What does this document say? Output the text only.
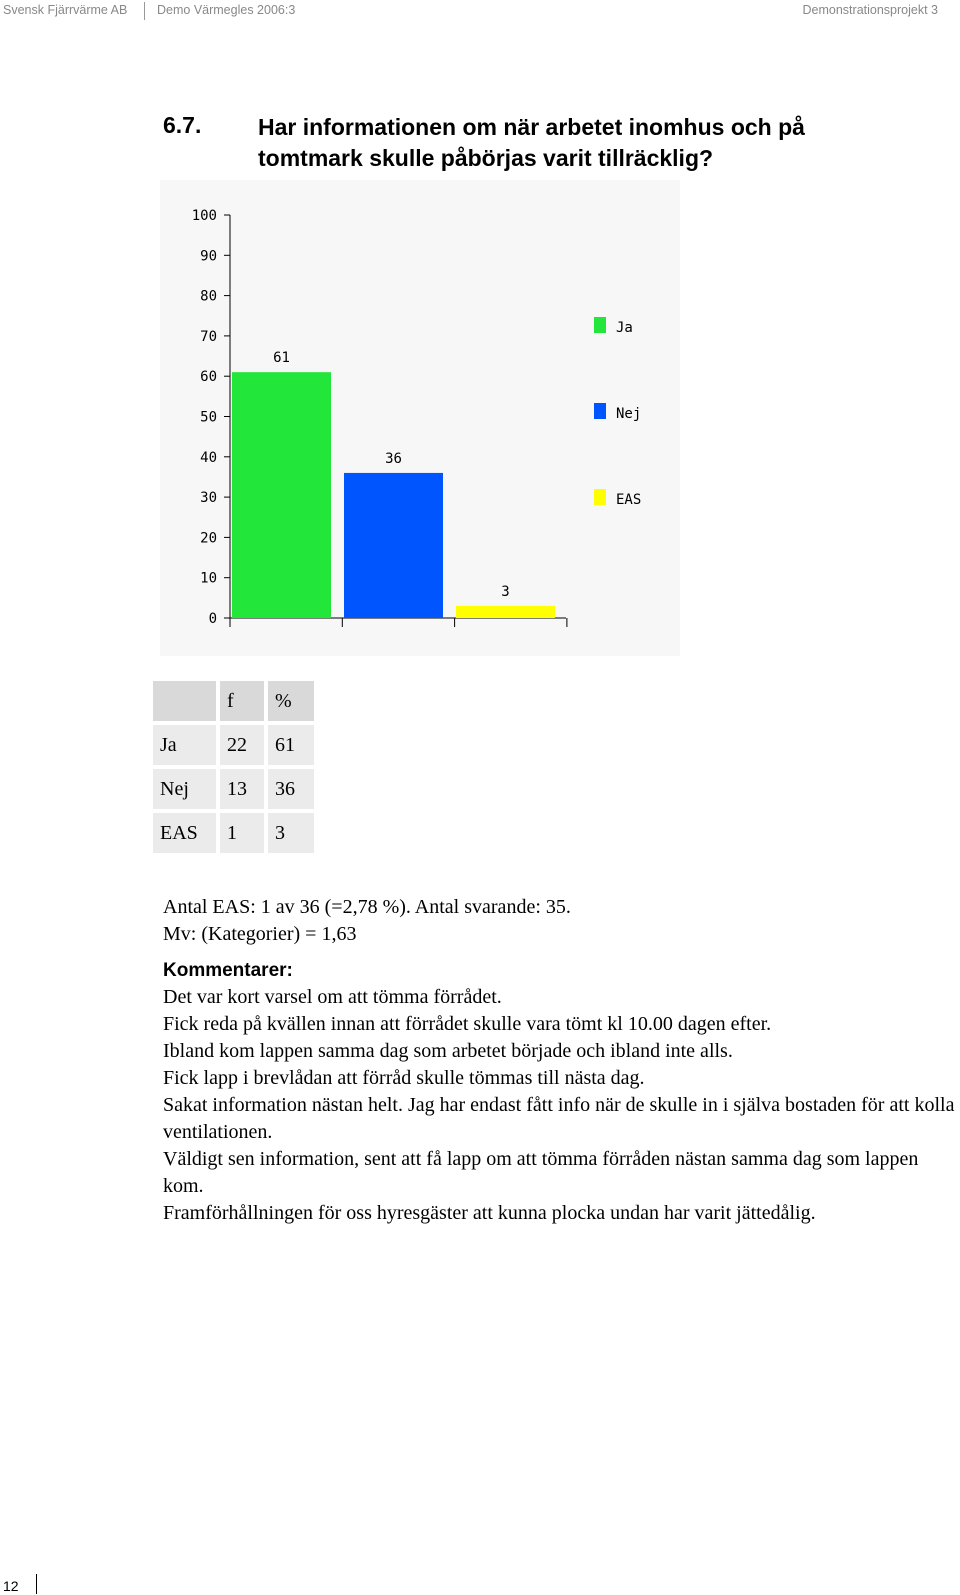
Svensk Fjärrvärme AB Demo Värmegles 2006:3	Demonstrationsprojekt 3
6.7. Har informationen om när arbetet inomhus och på tomtmark skulle påbörjas varit tillräcklig?
100
90
80
70
60
50
40
30
20
10
0
61
36
3
Ja
Nej
EAS
	f	%
Ja	22	61
Nej	13	36
EAS	1	3

Antal EAS: 1 av 36 (=2,78 %). Antal svarande: 35.

Mv: (Kategorier) = 1,63

Kommentarer:

Det var kort varsel om att tömma förrådet.

Fick reda på kvällen innan att förrådet skulle vara tömt kl 10.00 dagen efter.

Ibland kom lappen samma dag som arbetet började och ibland inte alls.

Fick lapp i brevlådan att förråd skulle tömmas till nästa dag.

Sakat information nästan helt. Jag har endast fått info när de skulle in i själva bostaden för att kolla ventilationen.

Väldigt sen information, sent att få lapp om att tömma förråden nästan samma dag som lappen kom.

Framförhållningen för oss hyresgäster att kunna plocka undan har varit jättedålig.

12
